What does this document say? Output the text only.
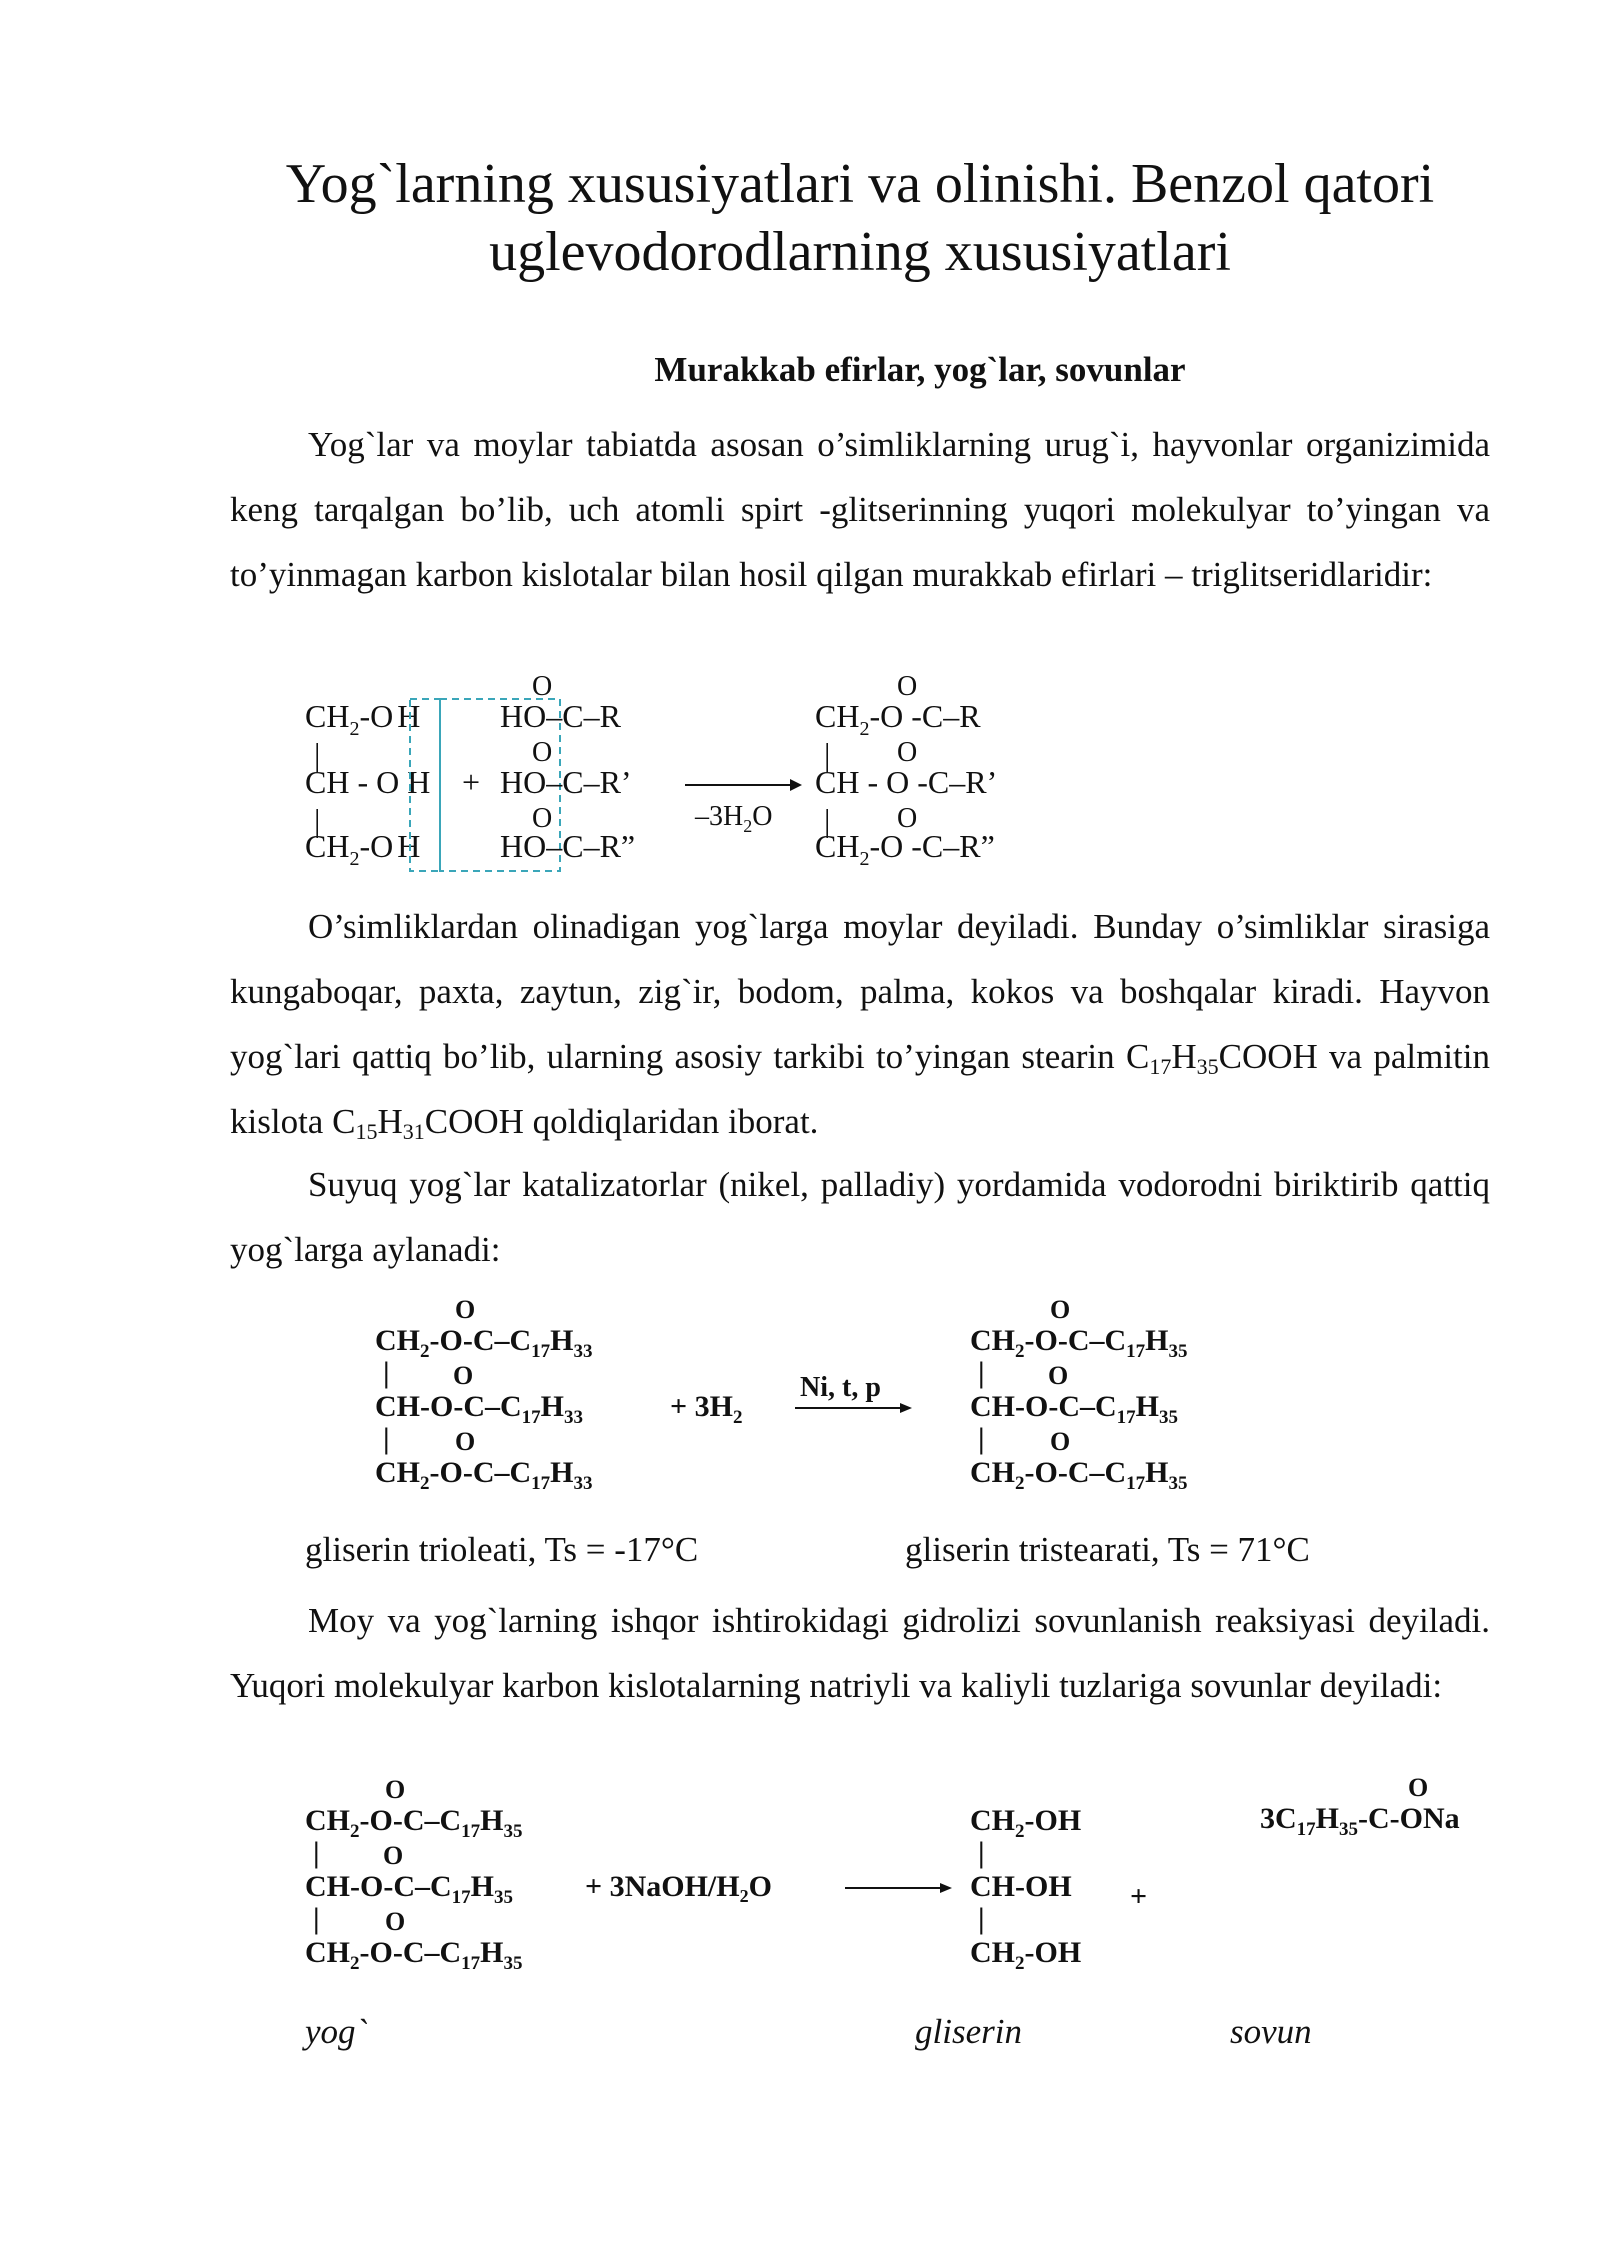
Yog`larning xususiyatlari va olinishi. Benzol qatori
uglevodorodlarning xususiyatlari
Murakkab efirlar, yog`lar, sovunlar

Yog`lar va moylar tabiatda asosan o’simliklarning urug`i, hayvonlar organizimida keng tarqalgan bo’lib, uch atomli spirt -glitserinning yuqori molekulyar to’yingan va to’yinmagan karbon kislotalar bilan hosil qilgan murakkab efirlari – triglitseridlaridir:

$CH_2-O$ H
|
CH - O H
|
$CH_2-O$ H
+
O
HO–C–R
O
HO–C–R’
O
HO–C–R”
$-3H_2O$
O
$CH_2-O$ -C–R
| O
CH - O -C–R’
| O
$CH_2-O$ -C–R”

O’simliklardan olinadigan yog`larga moylar deyiladi. Bunday o’simliklar sirasiga kungaboqar, paxta, zaytun, zig`ir, bodom, palma, kokos va boshqalar kiradi. Hayvon yog`lari qattiq bo’lib, ularning asosiy tarkibi to’yingan stearin $C_{17}H_{35}COOH$ va palmitin kislota $C_{15}H_{31}COOH$ qoldiqlaridan iborat.

Suyuq yog`lar katalizatorlar (nikel, palladiy) yordamida vodorodni biriktirib qattiq yog`larga aylanadi:

$CH_2-O-C-C_{17}H_{33}$
O
|
$CH-O-C-C_{17}H_{33}$
O
|
$CH_2-O-C-C_{17}H_{33}$
O
+ $3H_2$
Ni, t, p
$CH_2-O-C-C_{17}H_{35}$
O
|
$CH-O-C-C_{17}H_{35}$
O
|
$CH_2-O-C-C_{17}H_{35}$
O

gliserin trioleati, Ts = -17°C	gliserin tristearati, Ts = 71°C

Moy va yog`larning ishqor ishtirokidagi gidrolizi sovunlanish reaksiyasi deyiladi. Yuqori molekulyar karbon kislotalarning natriyli va kaliyli tuzlariga sovunlar deyiladi:

$CH_2-O-C-C_{17}H_{35}$
O
|
$CH-O-C-C_{17}H_{35}$
O
|
$CH_2-O-C-C_{17}H_{35}$
O
+ 3NaOH/H₂O
$CH_2-OH$
|
CH-OH
|
$CH_2-OH$
+
$3C_{17}H_{35}-C$-ONa
O

yog`	gliserin	sovun
